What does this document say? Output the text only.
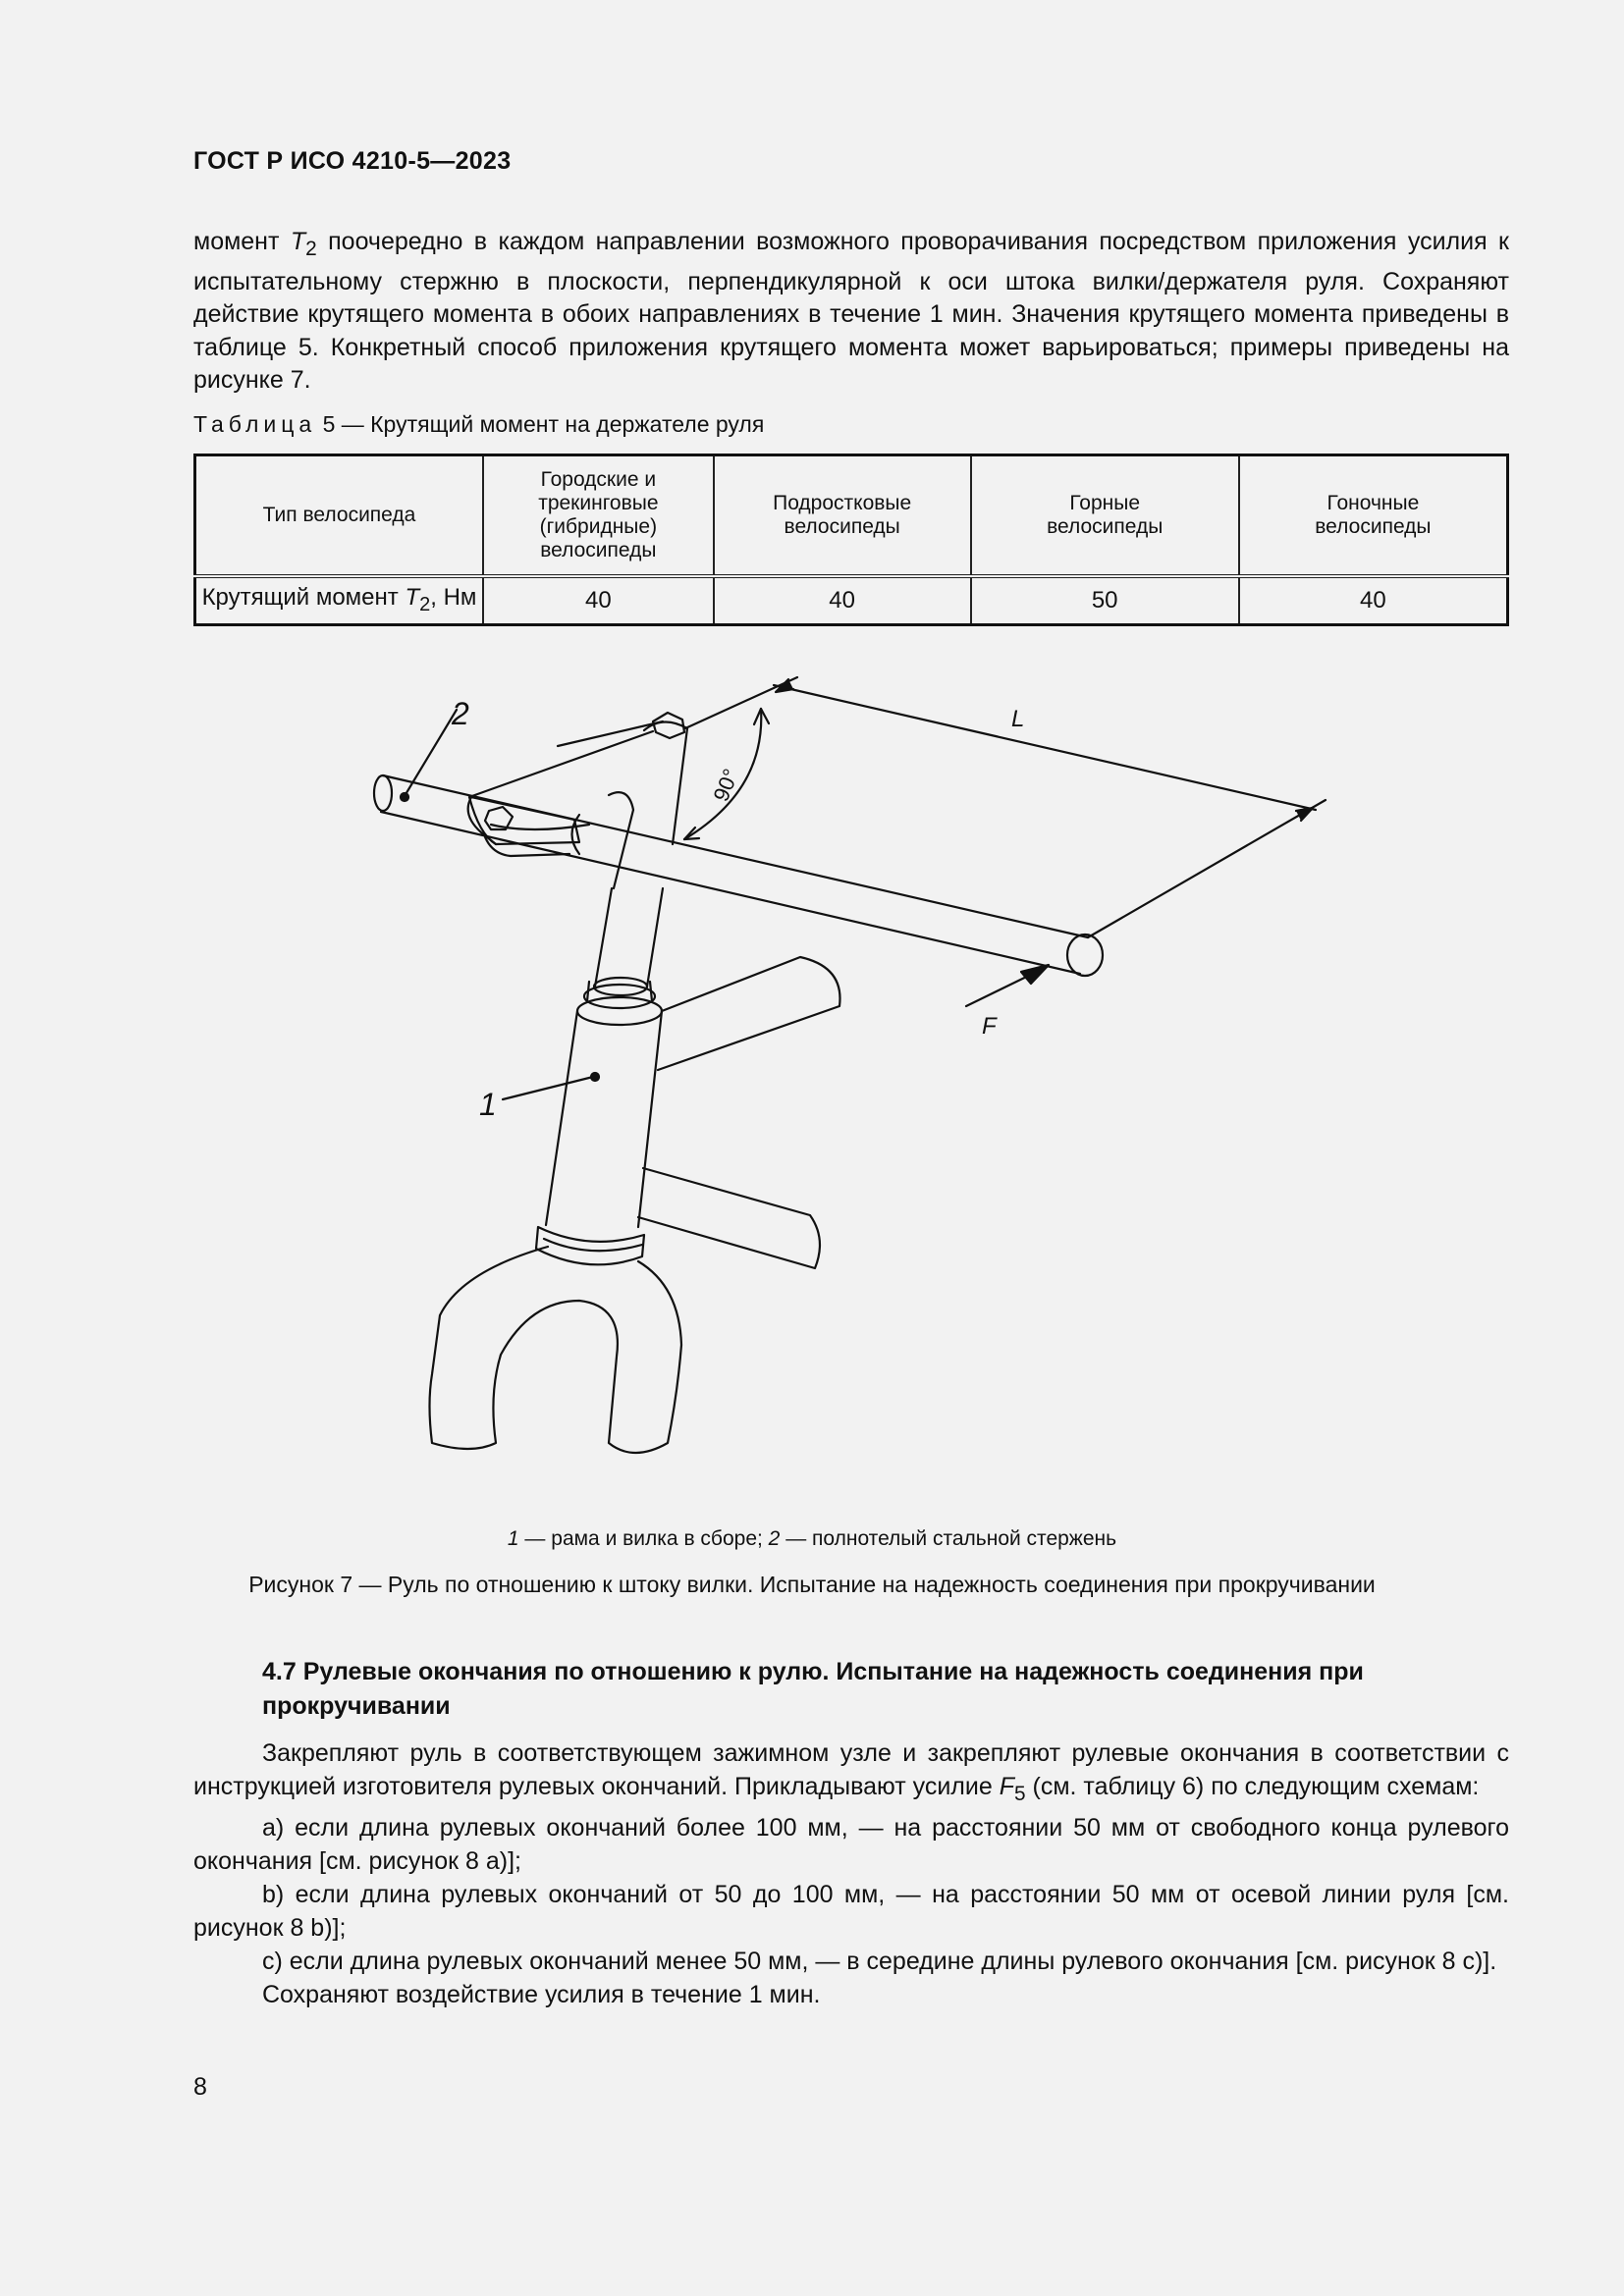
ГОСТ Р ИСО 4210-5—2023

момент $T_2$ поочередно в каждом направлении возможного проворачивания посредством приложения усилия к испытательному стержню в плоскости, перпендикулярной к оси штока вилки/держателя руля. Сохраняют действие крутящего момента в обоих направлениях в течение 1 мин. Значения крутящего момента приведены в таблице 5. Конкретный способ приложения крутящего момента может варьироваться; примеры приведены на рисунке 7.

Таблица 5 — Крутящий момент на держателе руля
Тип велосипеда	Городские и трекинговые (гибридные) велосипеды	Подростковые велосипеды	Горные велосипеды	Гоночные велосипеды
Крутящий момент $T_2$, Нм	40	40	50	40
2
1
L
F
90°
1 — рама и вилка в сборе; 2 — полнотелый стальной стержень
Рисунок 7 — Руль по отношению к штоку вилки. Испытание на надежность соединения при прокручивании
4.7 Рулевые окончания по отношению к рулю. Испытание на надежность соединения при прокручивании

Закрепляют руль в соответствующем зажимном узле и закрепляют рулевые окончания в соответствии с инструкцией изготовителя рулевых окончаний. Прикладывают усилие $F_5$ (см. таблицу 6) по следующим схемам:

a) если длина рулевых окончаний более 100 мм, — на расстоянии 50 мм от свободного конца рулевого окончания [см. рисунок 8 a)];

b) если длина рулевых окончаний от 50 до 100 мм, — на расстоянии 50 мм от осевой линии руля [см. рисунок 8 b)];

c) если длина рулевых окончаний менее 50 мм, — в середине длины рулевого окончания [см. рисунок 8 c)].

Сохраняют воздействие усилия в течение 1 мин.

8
